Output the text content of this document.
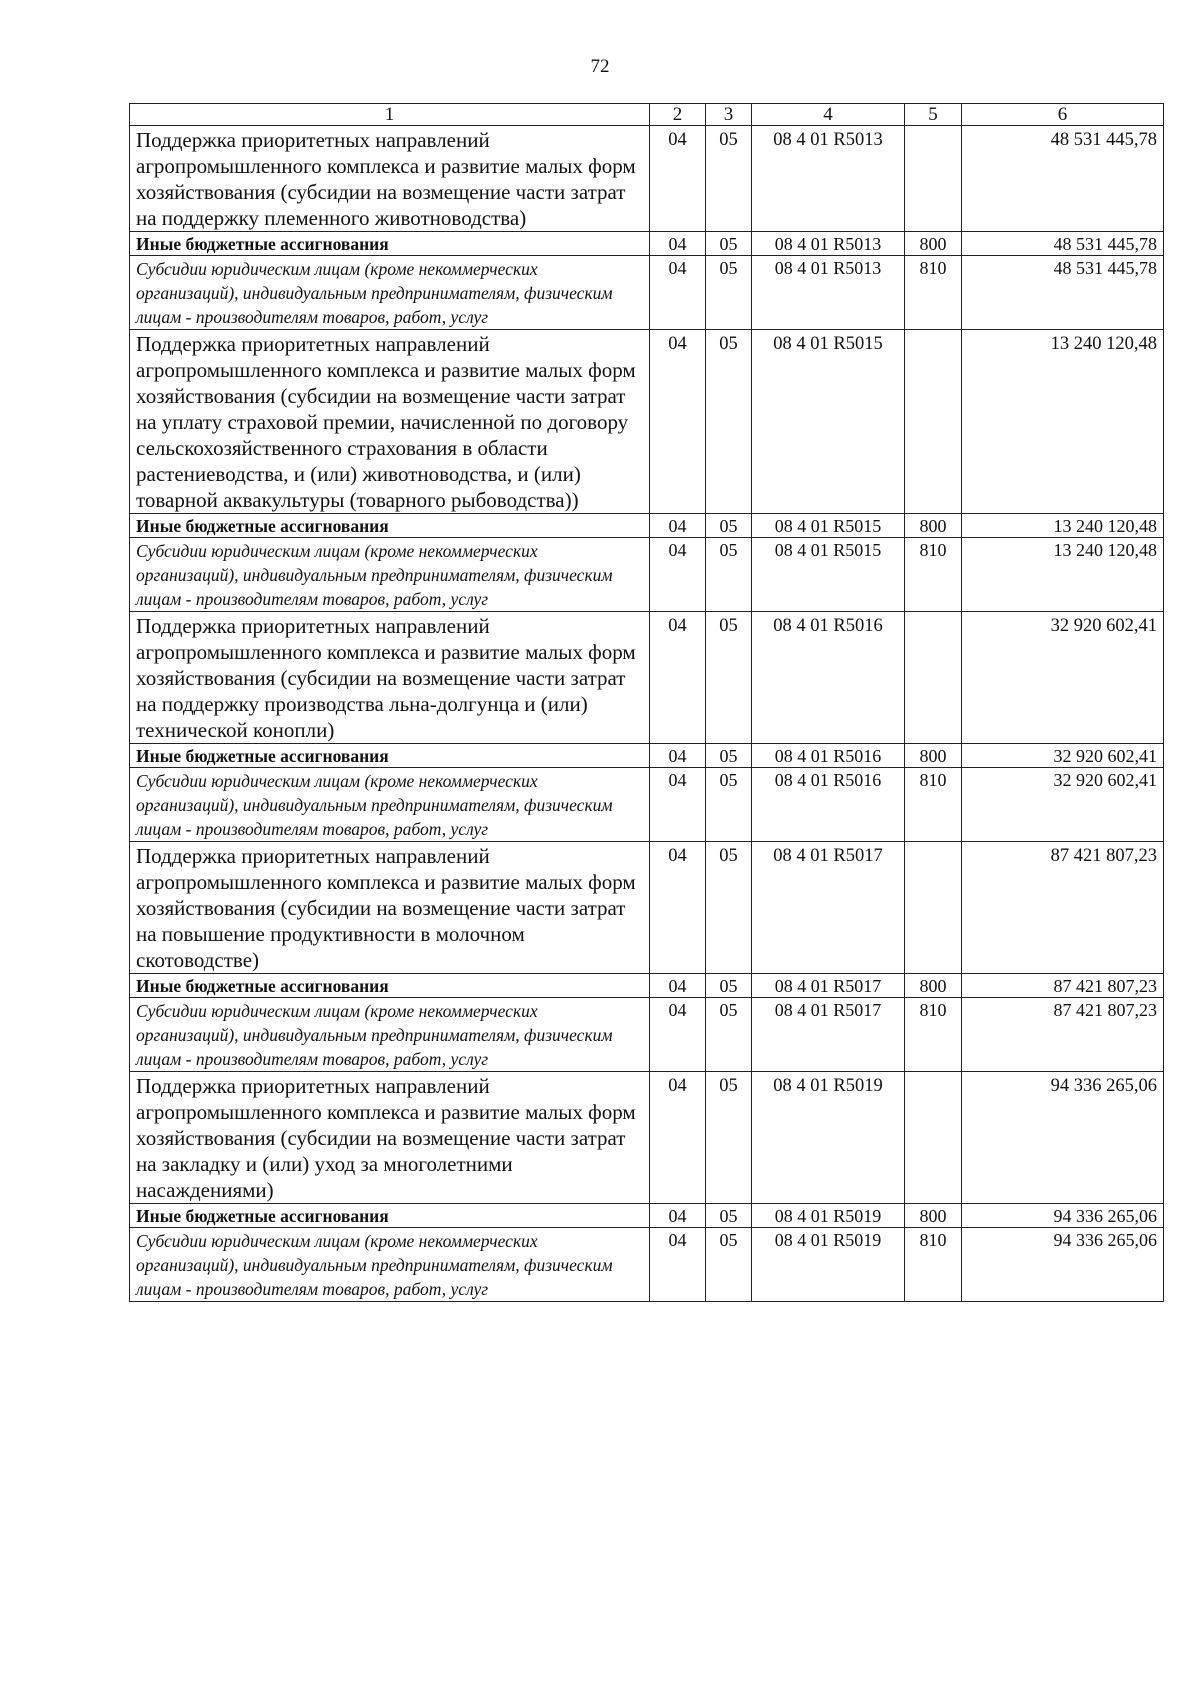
72
1	2	3	4	5	6
Поддержка приоритетных направлений агропромышленного комплекса и развитие малых форм хозяйствования (субсидии на возмещение части затрат на поддержку племенного животноводства)	04	05	08 4 01 R5013		48 531 445,78
Иные бюджетные ассигнования	04	05	08 4 01 R5013	800	48 531 445,78
Субсидии юридическим лицам (кроме некоммерческих организаций), индивидуальным предпринимателям, физическим лицам - производителям товаров, работ, услуг	04	05	08 4 01 R5013	810	48 531 445,78
Поддержка приоритетных направлений агропромышленного комплекса и развитие малых форм хозяйствования (субсидии на возмещение части затрат на уплату страховой премии, начисленной по договору сельскохозяйственного страхования в области растениеводства, и (или) животноводства, и (или) товарной аквакультуры (товарного рыбоводства))	04	05	08 4 01 R5015		13 240 120,48
Иные бюджетные ассигнования	04	05	08 4 01 R5015	800	13 240 120,48
Субсидии юридическим лицам (кроме некоммерческих организаций), индивидуальным предпринимателям, физическим лицам - производителям товаров, работ, услуг	04	05	08 4 01 R5015	810	13 240 120,48
Поддержка приоритетных направлений агропромышленного комплекса и развитие малых форм хозяйствования (субсидии на возмещение части затрат на поддержку производства льна-долгунца и (или) технической конопли)	04	05	08 4 01 R5016		32 920 602,41
Иные бюджетные ассигнования	04	05	08 4 01 R5016	800	32 920 602,41
Субсидии юридическим лицам (кроме некоммерческих организаций), индивидуальным предпринимателям, физическим лицам - производителям товаров, работ, услуг	04	05	08 4 01 R5016	810	32 920 602,41
Поддержка приоритетных направлений агропромышленного комплекса и развитие малых форм хозяйствования (субсидии на возмещение части затрат на повышение продуктивности в молочном скотоводстве)	04	05	08 4 01 R5017		87 421 807,23
Иные бюджетные ассигнования	04	05	08 4 01 R5017	800	87 421 807,23
Субсидии юридическим лицам (кроме некоммерческих организаций), индивидуальным предпринимателям, физическим лицам - производителям товаров, работ, услуг	04	05	08 4 01 R5017	810	87 421 807,23
Поддержка приоритетных направлений агропромышленного комплекса и развитие малых форм хозяйствования (субсидии на возмещение части затрат на закладку и (или) уход за многолетними насаждениями)	04	05	08 4 01 R5019		94 336 265,06
Иные бюджетные ассигнования	04	05	08 4 01 R5019	800	94 336 265,06
Субсидии юридическим лицам (кроме некоммерческих организаций), индивидуальным предпринимателям, физическим лицам - производителям товаров, работ, услуг	04	05	08 4 01 R5019	810	94 336 265,06
